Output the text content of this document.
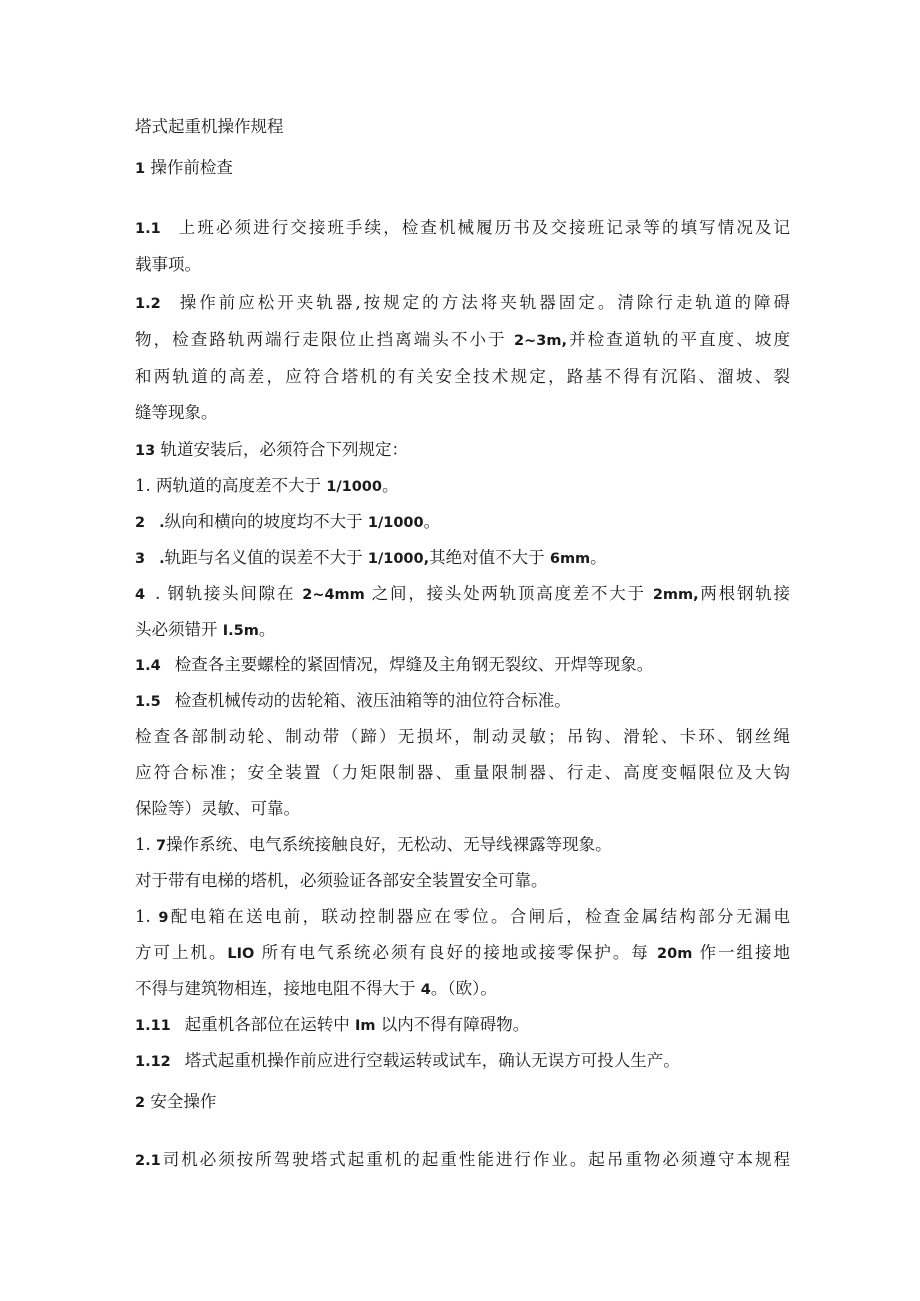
塔式起重机操作规程
1 操作前检查
1.1 上班必须进行交接班手续，检查机械履历书及交接班记录等的填写情况及记
载事项。
1.2 操作前应松开夹轨器,按规定的方法将夹轨器固定。清除行走轨道的障碍
物，检查路轨两端行走限位止挡离端头不小于 2~3m,并检查道轨的平直度、坡度
和两轨道的高差，应符合塔机的有关安全技术规定，路基不得有沉陷、溜坡、裂
缝等现象。
13 轨道安装后，必须符合下列规定：
1. 两轨道的高度差不大于 1/1000。
2 .纵向和横向的坡度均不大于 1/1000。
3 .轨距与名义值的误差不大于 1/1000,其绝对值不大于 6mm。
4 . 钢轨接头间隙在 2~4mm 之间，接头处两轨顶高度差不大于 2mm,两根钢轨接
头必须错开 I.5m。
1.4 检查各主要螺栓的紧固情况，焊缝及主角钢无裂纹、开焊等现象。
1.5 检查机械传动的齿轮箱、液压油箱等的油位符合标准。
检查各部制动轮、制动带（蹄）无损坏，制动灵敏；吊钩、滑轮、卡环、钢丝绳
应符合标准；安全装置（力矩限制器、重量限制器、行走、高度变幅限位及大钩
保险等）灵敏、可靠。
1. 7操作系统、电气系统接触良好，无松动、无导线裸露等现象。
对于带有电梯的塔机，必须验证各部安全装置安全可靠。
1. 9配电箱在送电前，联动控制器应在零位。合闸后，检查金属结构部分无漏电
方可上机。LIO 所有电气系统必须有良好的接地或接零保护。每 20m 作一组接地
不得与建筑物相连，接地电阻不得大于 4。（欧）。
1.11 起重机各部位在运转中 Im 以内不得有障碍物。
1.12 塔式起重机操作前应进行空载运转或试车，确认无误方可投人生产。
2 安全操作
2.1司机必须按所驾驶塔式起重机的起重性能进行作业。起吊重物必须遵守本规程
